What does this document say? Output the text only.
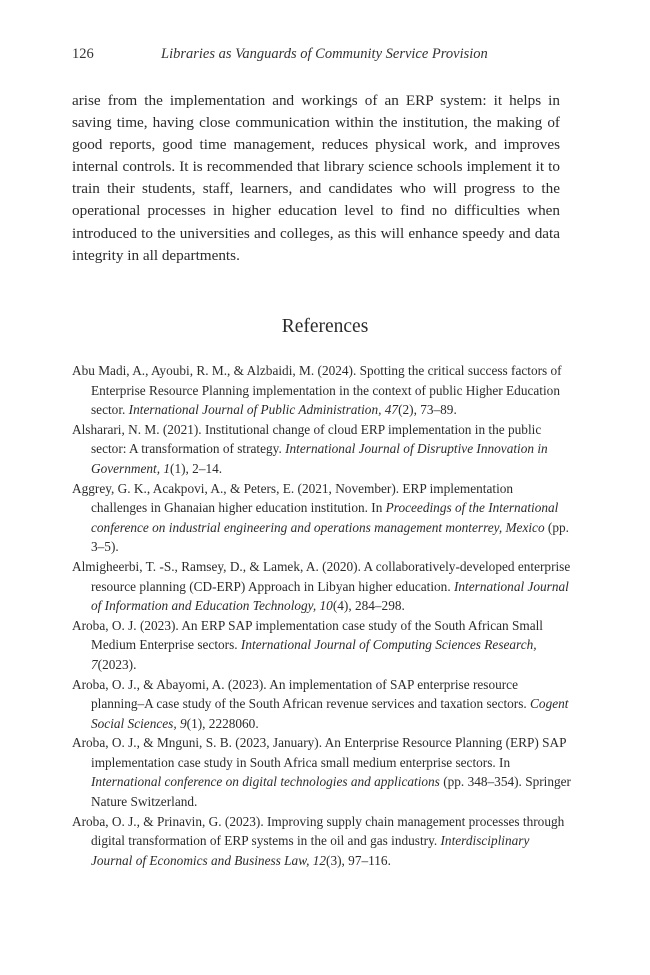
126	Libraries as Vanguards of Community Service Provision

arise from the implementation and workings of an ERP system: it helps in saving time, having close communication within the institution, the making of good reports, good time management, reduces physical work, and improves internal controls. It is recommended that library science schools implement it to train their students, staff, learners, and candidates who will progress to the operational processes in higher education level to find no difficulties when introduced to the universities and colleges, as this will enhance speedy and data integrity in all departments.

References
Abu Madi, A., Ayoubi, R. M., & Alzbaidi, M. (2024). Spotting the critical success factors of Enterprise Resource Planning implementation in the context of public Higher Education sector. International Journal of Public Administration, 47(2), 73–89.
Alsharari, N. M. (2021). Institutional change of cloud ERP implementation in the public sector: A transformation of strategy. International Journal of Disruptive Innovation in Government, 1(1), 2–14.
Aggrey, G. K., Acakpovi, A., & Peters, E. (2021, November). ERP implementation challenges in Ghanaian higher education institution. In Proceedings of the International conference on industrial engineering and operations management monterrey, Mexico (pp. 3–5).
Almigheerbi, T. -S., Ramsey, D., & Lamek, A. (2020). A collaboratively-developed enterprise resource planning (CD-ERP) Approach in Libyan higher education. International Journal of Information and Education Technology, 10(4), 284–298.
Aroba, O. J. (2023). An ERP SAP implementation case study of the South African Small Medium Enterprise sectors. International Journal of Computing Sciences Research, 7(2023).
Aroba, O. J., & Abayomi, A. (2023). An implementation of SAP enterprise resource planning–A case study of the South African revenue services and taxation sectors. Cogent Social Sciences, 9(1), 2228060.
Aroba, O. J., & Mnguni, S. B. (2023, January). An Enterprise Resource Planning (ERP) SAP implementation case study in South Africa small medium enterprise sectors. In International conference on digital technologies and applications (pp. 348–354). Springer Nature Switzerland.
Aroba, O. J., & Prinavin, G. (2023). Improving supply chain management processes through digital transformation of ERP systems in the oil and gas industry. Interdisciplinary Journal of Economics and Business Law, 12(3), 97–116.
